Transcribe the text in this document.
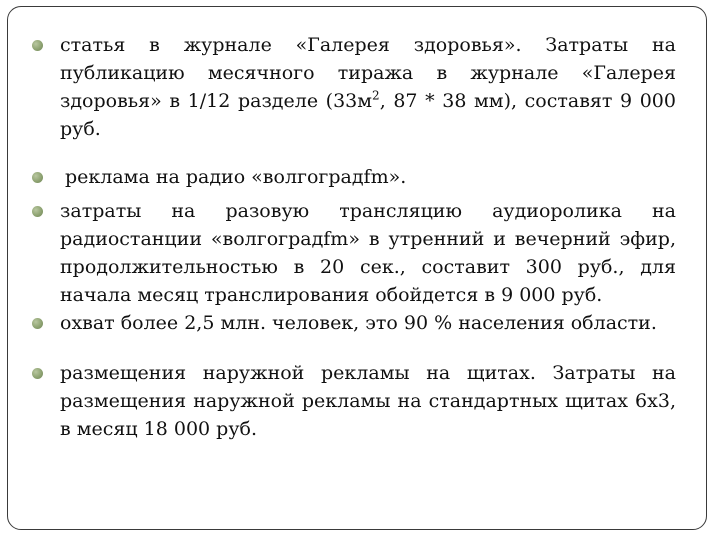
статья в журнале «Галерея здоровья». Затраты на публикацию месячного тиража в журнале «Галерея здоровья» в 1/12 разделе ($33м^2$, 87 * 38 мм), составят 9 000 руб.
реклама на радио «волгоградfm».
затраты на разовую трансляцию аудиоролика на радиостанции «волгоградfm» в утренний и вечерний эфир, продолжительностью в 20 сек., составит 300 руб., для начала месяц транслирования обойдется в 9 000 руб.
охват более 2,5 млн. человек, это 90 % населения области.
размещения наружной рекламы на щитах. Затраты на размещения наружной рекламы на стандартных щитах 6х3, в месяц 18 000 руб.
